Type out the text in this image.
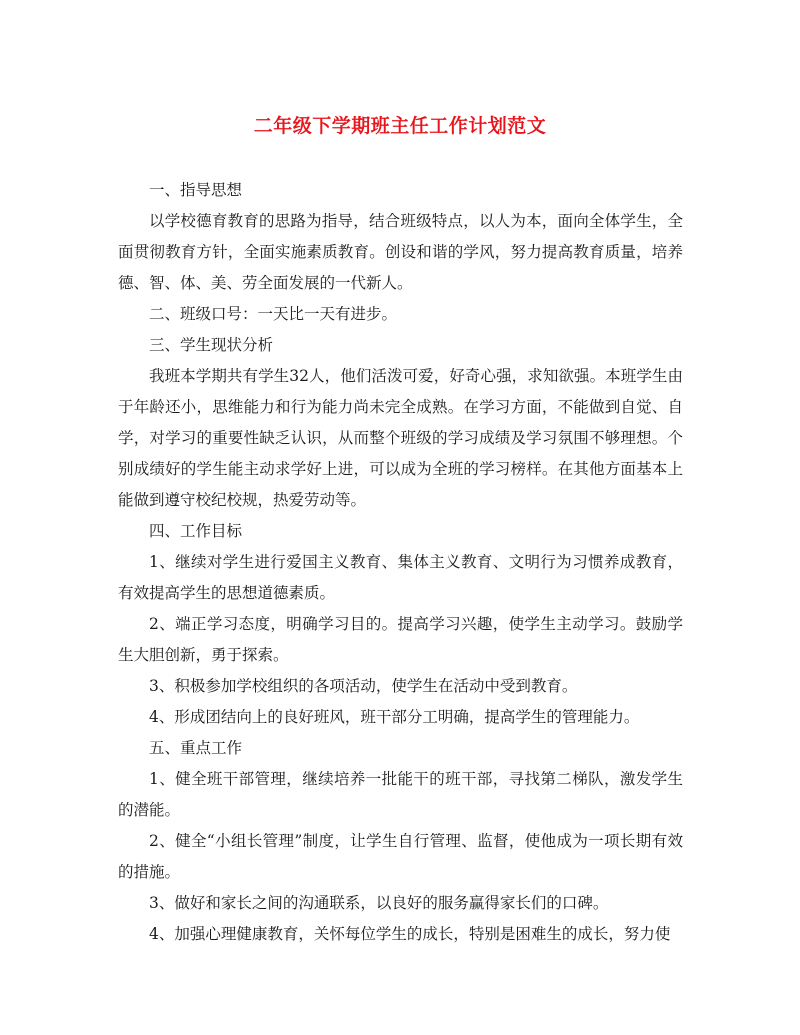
二年级下学期班主任工作计划范文

一、指导思想

以学校德育教育的思路为指导，结合班级特点，以人为本，面向全体学生，全面贯彻教育方针，全面实施素质教育。创设和谐的学风，努力提高教育质量，培养德、智、体、美、劳全面发展的一代新人。

二、班级口号：一天比一天有进步。

三、学生现状分析

我班本学期共有学生32人，他们活泼可爱，好奇心强，求知欲强。本班学生由于年龄还小，思维能力和行为能力尚未完全成熟。在学习方面，不能做到自觉、自学，对学习的重要性缺乏认识，从而整个班级的学习成绩及学习氛围不够理想。个别成绩好的学生能主动求学好上进，可以成为全班的学习榜样。在其他方面基本上能做到遵守校纪校规，热爱劳动等。

四、工作目标

1、继续对学生进行爱国主义教育、集体主义教育、文明行为习惯养成教育，有效提高学生的思想道德素质。

2、端正学习态度，明确学习目的。提高学习兴趣，使学生主动学习。鼓励学生大胆创新，勇于探索。

3、积极参加学校组织的各项活动，使学生在活动中受到教育。

4、形成团结向上的良好班风，班干部分工明确，提高学生的管理能力。

五、重点工作

1、健全班干部管理，继续培养一批能干的班干部，寻找第二梯队，激发学生的潜能。

2、健全“小组长管理”制度，让学生自行管理、监督，使他成为一项长期有效的措施。

3、做好和家长之间的沟通联系，以良好的服务赢得家长们的口碑。

4、加强心理健康教育，关怀每位学生的成长，特别是困难生的成长，努力使
